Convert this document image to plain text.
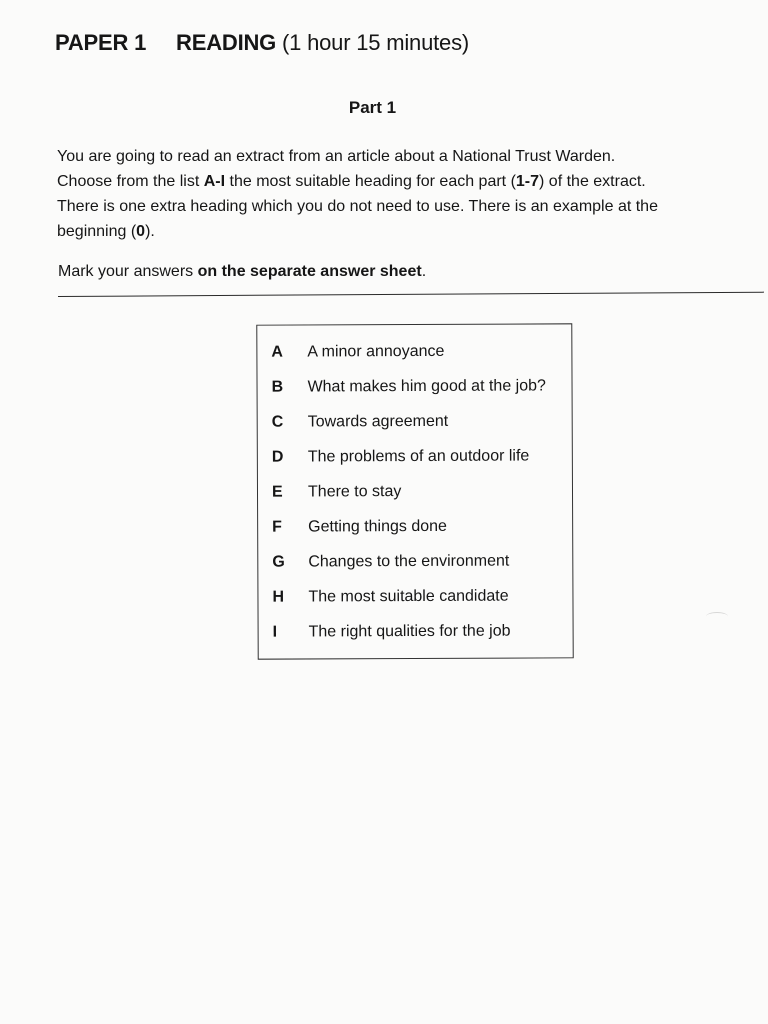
PAPER 1 READING (1 hour 15 minutes)
Part 1

You are going to read an extract from an article about a National Trust Warden.

Choose from the list A-I the most suitable heading for each part (1-7) of the extract.

There is one extra heading which you do not need to use. There is an example at the

beginning (0).

Mark your answers on the separate answer sheet.
A	A minor annoyance
B	What makes him good at the job?
C	Towards agreement
D	The problems of an outdoor life
E	There to stay
F	Getting things done
G	Changes to the environment
H	The most suitable candidate
I	The right qualities for the job
